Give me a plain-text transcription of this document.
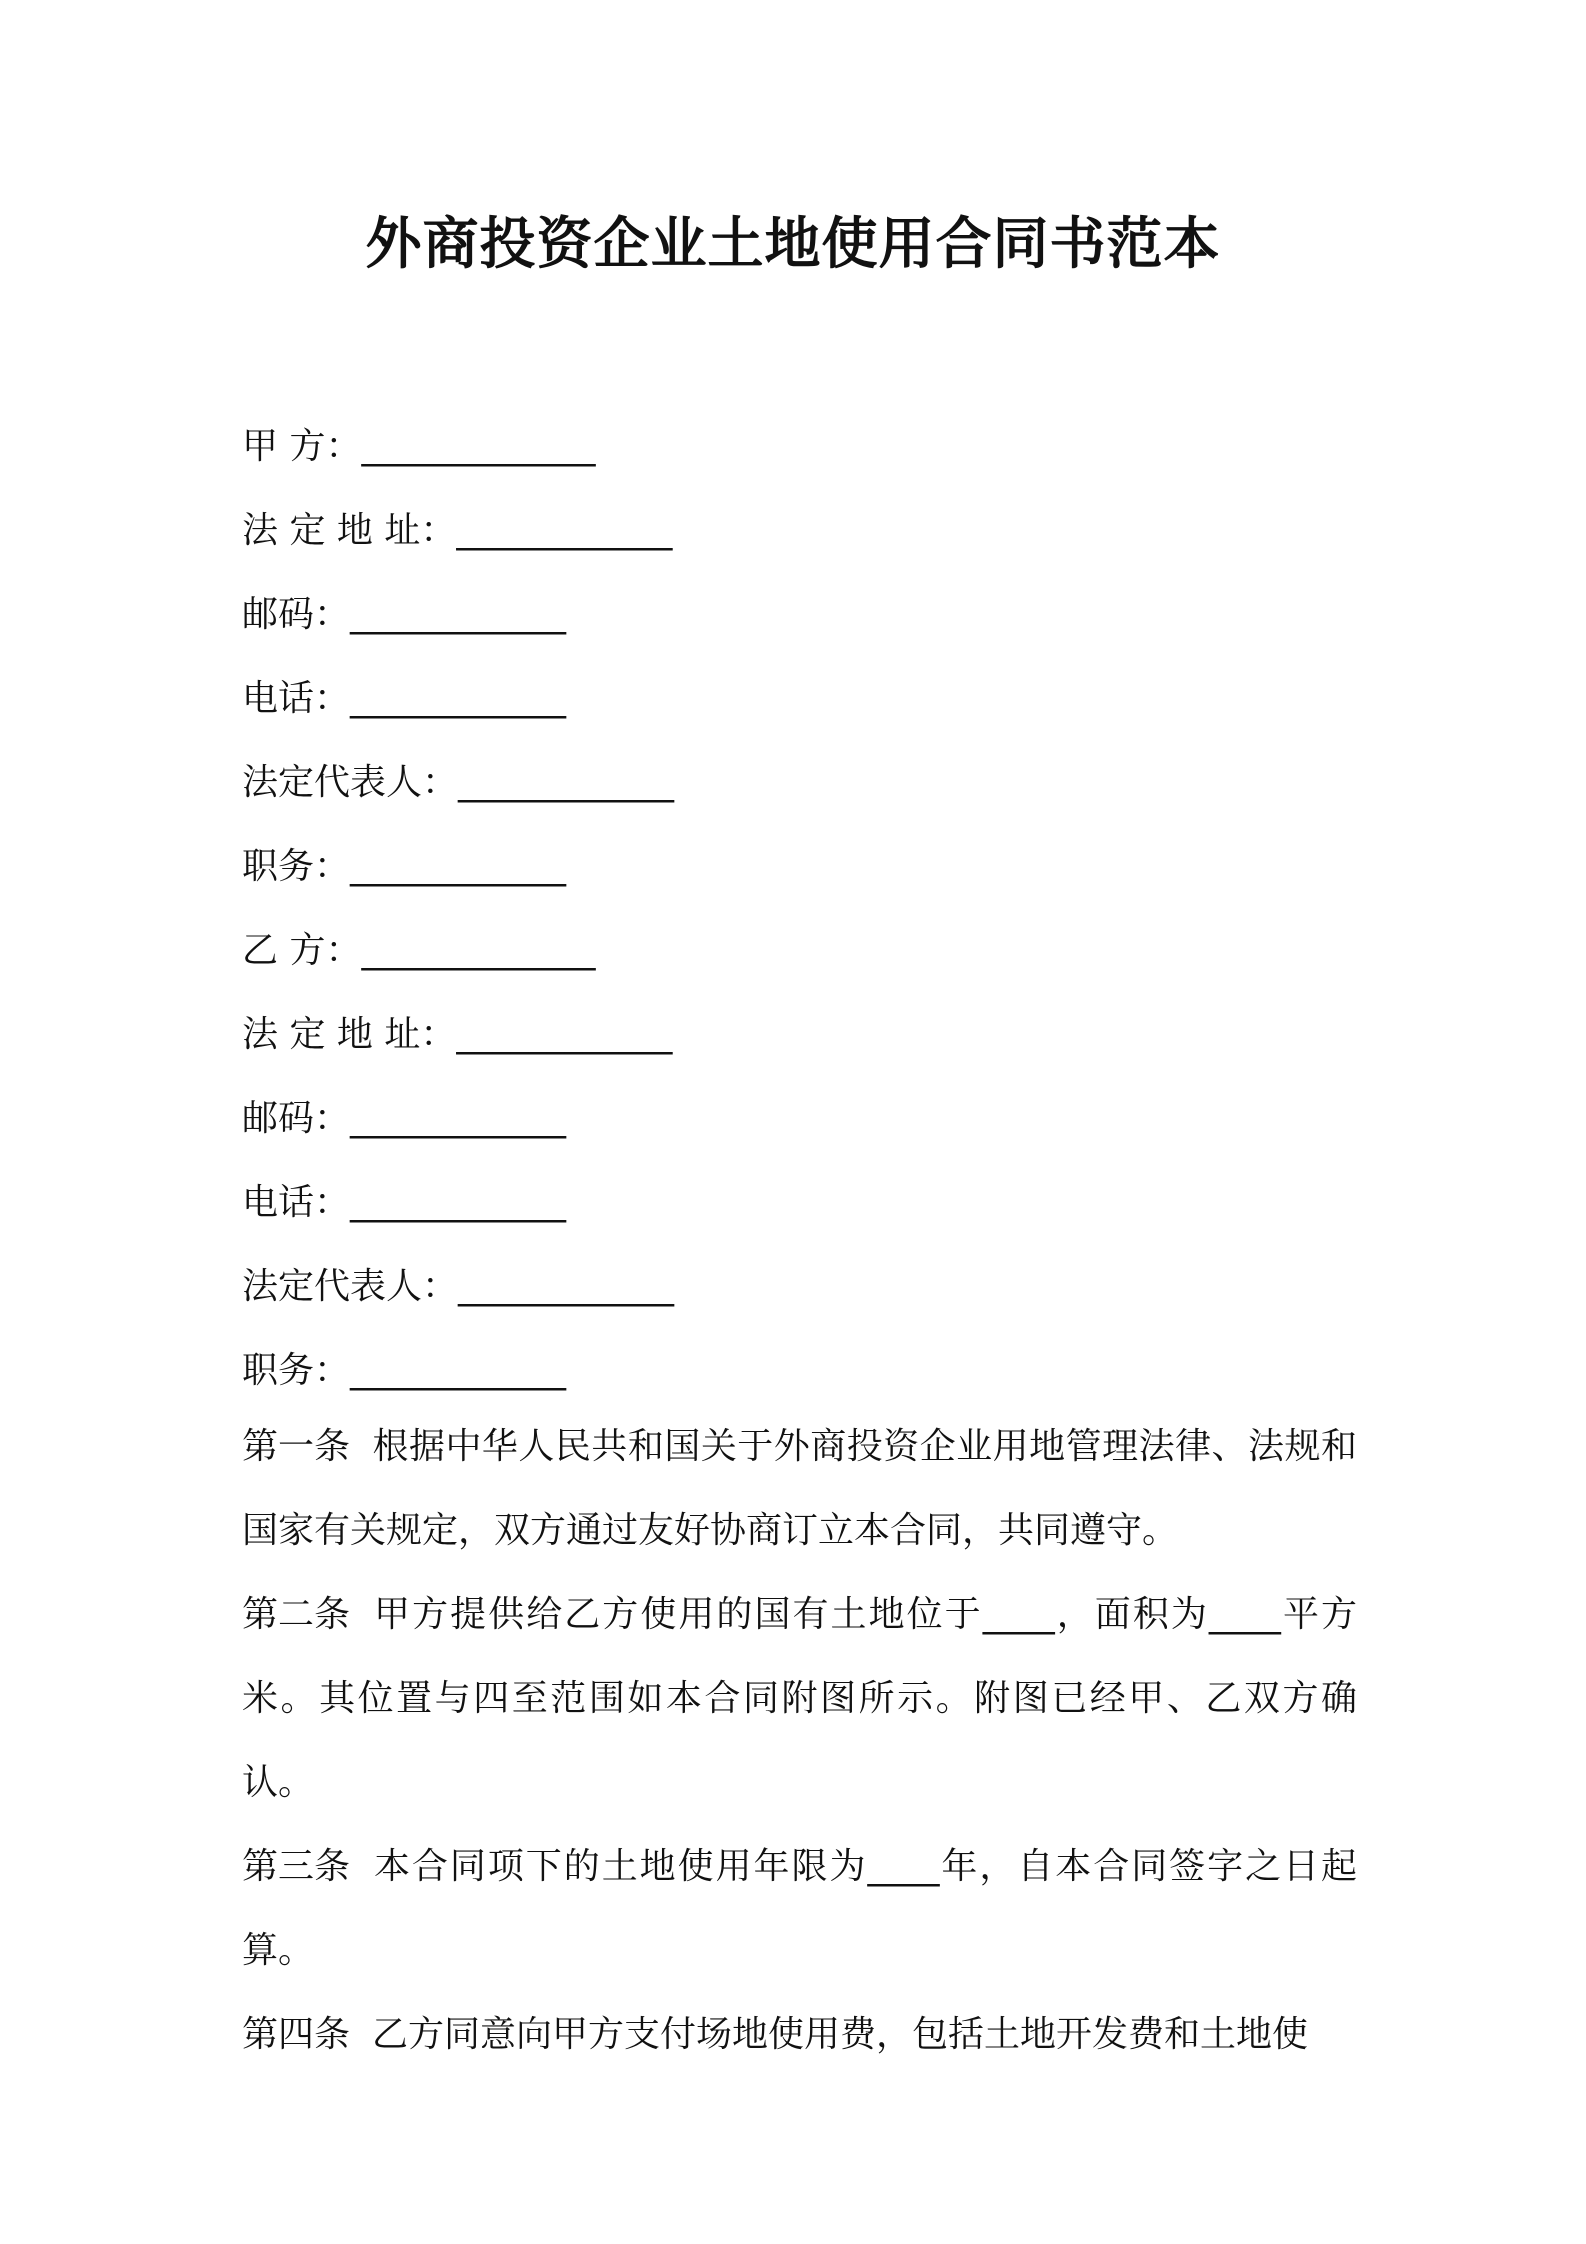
外商投资企业土地使用合同书范本
甲 方：_____________
法 定 地 址：____________
邮码：____________
电话：____________
法定代表人：____________
职务：____________
乙 方：_____________
法 定 地 址：____________
邮码：____________
电话：____________
法定代表人：____________
职务：____________

第一条 根据中华人民共和国关于外商投资企业用地管理法律、法规和国家有关规定，双方通过友好协商订立本合同，共同遵守。

第二条 甲方提供给乙方使用的国有土地位于____，面积为____平方米。其位置与四至范围如本合同附图所示。附图已经甲、乙双方确认。

第三条 本合同项下的土地使用年限为____年，自本合同签字之日起算。

第四条 乙方同意向甲方支付场地使用费，包括土地开发费和土地使
